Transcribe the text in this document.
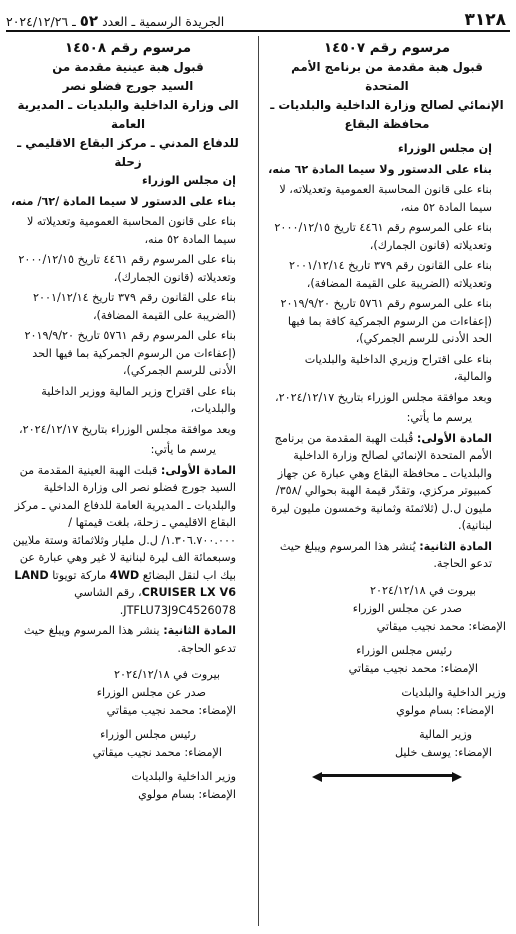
٣١٢٨
الجريدة الرسمية ـ العدد ٥٢ ـ ٢٠٢٤/١٢/٢٦
مرسوم رقم ١٤٥٠٧
قبول هبة مقدمة من برنامج الأمم المتحدة
الإنمائي لصالح وزارة الداخلية والبلديات ـ
محافظة البقاع
إن مجلس الوزراء
بناء على الدستور ولا سيما المادة ٦٢ منه،
بناء على قانون المحاسبة العمومية وتعديلاته، لا سيما المادة ٥٢ منه،
بناء على المرسوم رقم ٤٤٦١ تاريخ ٢٠٠٠/١٢/١٥ وتعديلاته (قانون الجمارك)،
بناء على القانون رقم ٣٧٩ تاريخ ٢٠٠١/١٢/١٤ وتعديلاته (الضريبة على القيمة المضافة)،
بناء على المرسوم رقم ٥٧٦١ تاريخ ٢٠١٩/٩/٢٠ (إعفاءات من الرسوم الجمركية كافة بما فيها الحد الأدنى للرسم الجمركي)،
بناء على اقتراح وزيري الداخلية والبلديات والمالية،
وبعد موافقة مجلس الوزراء بتاريخ ٢٠٢٤/١٢/١٧،
يرسم ما يأتي:
المادة الأولى: قُبلت الهبة المقدمة من برنامج الأمم المتحدة الإنمائي لصالح وزارة الداخلية والبلديات ـ محافظة البقاع وهي عبارة عن جهاز كمبيوتر مركزي، وتقدّر قيمة الهبة بحوالي /٣٥٨/ مليون ل.ل (ثلاثمئة وثمانية وخمسون مليون ليرة لبنانية).
المادة الثانية: يُنشر هذا المرسوم ويبلغ حيث تدعو الحاجة.
بيروت في ٢٠٢٤/١٢/١٨
صدر عن مجلس الوزراء
الإمضاء: محمد نجيب ميقاتي
رئيس مجلس الوزراء
الإمضاء: محمد نجيب ميقاتي
وزير الداخلية والبلديات
الإمضاء: بسام مولوي
وزير المالية
الإمضاء: يوسف خليل
مرسوم رقم ١٤٥٠٨
قبول هبة عينية مقدمة من
السيد جورج فضلو نصر
الى وزارة الداخلية والبلديات ـ المديرية العامة
للدفاع المدني ـ مركز البقاع الاقليمي ـ زحلة
إن مجلس الوزراء
بناء على الدستور لا سيما المادة /٦٢/ منه،
بناء على قانون المحاسبة العمومية وتعديلاته لا سيما المادة ٥٢ منه،
بناء على المرسوم رقم ٤٤٦١ تاريخ ٢٠٠٠/١٢/١٥ وتعديلاته (قانون الجمارك)،
بناء على القانون رقم ٣٧٩ تاريخ ٢٠٠١/١٢/١٤ (الضريبة على القيمة المضافة)،
بناء على المرسوم رقم ٥٧٦١ تاريخ ٢٠١٩/٩/٢٠ (إعفاءات من الرسوم الجمركية بما فيها الحد الأدنى للرسم الجمركي)،
بناء على اقتراح وزير المالية ووزير الداخلية والبلديات،
وبعد موافقة مجلس الوزراء بتاريخ ٢٠٢٤/١٢/١٧،
يرسم ما يأتي:
المادة الأولى: قبلت الهبة العينية المقدمة من السيد جورج فضلو نصر الى وزارة الداخلية والبلديات ـ المديرية العامة للدفاع المدني ـ مركز البقاع الاقليمي ـ زحلة، بلغت قيمتها /١.٣٠٦.٧٠٠.٠٠٠/ ل.ل مليار وثلاثمائة وستة ملايين وسبعمائة الف ليرة لبنانية لا غير وهي عبارة عن بيك اب لنقل البضائع 4WD ماركة تويوتا LAND CRUISER LX V6، رقم الشاسي JTFLU73J9C4526078.
المادة الثانية: ينشر هذا المرسوم ويبلغ حيث تدعو الحاجة.
بيروت في ٢٠٢٤/١٢/١٨
صدر عن مجلس الوزراء
الإمضاء: محمد نجيب ميقاتي
رئيس مجلس الوزراء
الإمضاء: محمد نجيب ميقاتي
وزير الداخلية والبلديات
الإمضاء: بسام مولوي
